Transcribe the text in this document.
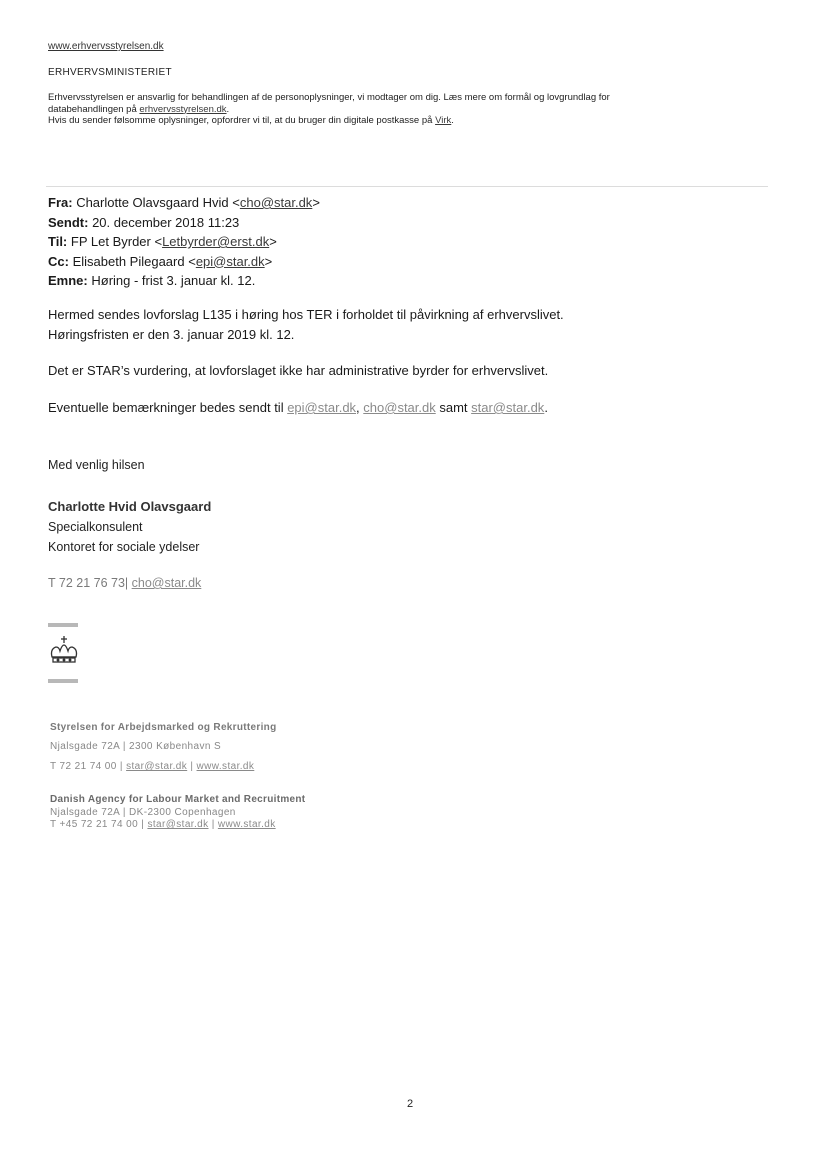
www.erhvervsstyrelsen.dk
ERHVERVSMINISTERIET

Erhvervsstyrelsen er ansvarlig for behandlingen af de personoplysninger, vi modtager om dig. Læs mere om formål og lovgrundlag for

databehandlingen på erhvervsstyrelsen.dk.

Hvis du sender følsomme oplysninger, opfordrer vi til, at du bruger din digitale postkasse på Virk.

Fra: Charlotte Olavsgaard Hvid <cho@star.dk>
Sendt: 20. december 2018 11:23
Til: FP Let Byrder <Letbyrder@erst.dk>
Cc: Elisabeth Pilegaard <epi@star.dk>
Emne: Høring - frist 3. januar kl. 12.
Hermed sendes lovforslag L135 i høring hos TER i forholdet til påvirkning af erhvervslivet.
Høringsfristen er den 3. januar 2019 kl. 12.
Det er STAR’s vurdering, at lovforslaget ikke har administrative byrder for erhvervslivet.
Eventuelle bemærkninger bedes sendt til epi@star.dk, cho@star.dk samt star@star.dk.
Med venlig hilsen
Charlotte Hvid Olavsgaard
Specialkonsulent
Kontoret for sociale ydelser
T 72 21 76 73| cho@star.dk
Styrelsen for Arbejdsmarked og Rekruttering
Njalsgade 72A | 2300 København S
T 72 21 74 00 | star@star.dk | www.star.dk
Danish Agency for Labour Market and Recruitment
Njalsgade 72A | DK-2300 Copenhagen
T +45 72 21 74 00 | star@star.dk | www.star.dk
2
